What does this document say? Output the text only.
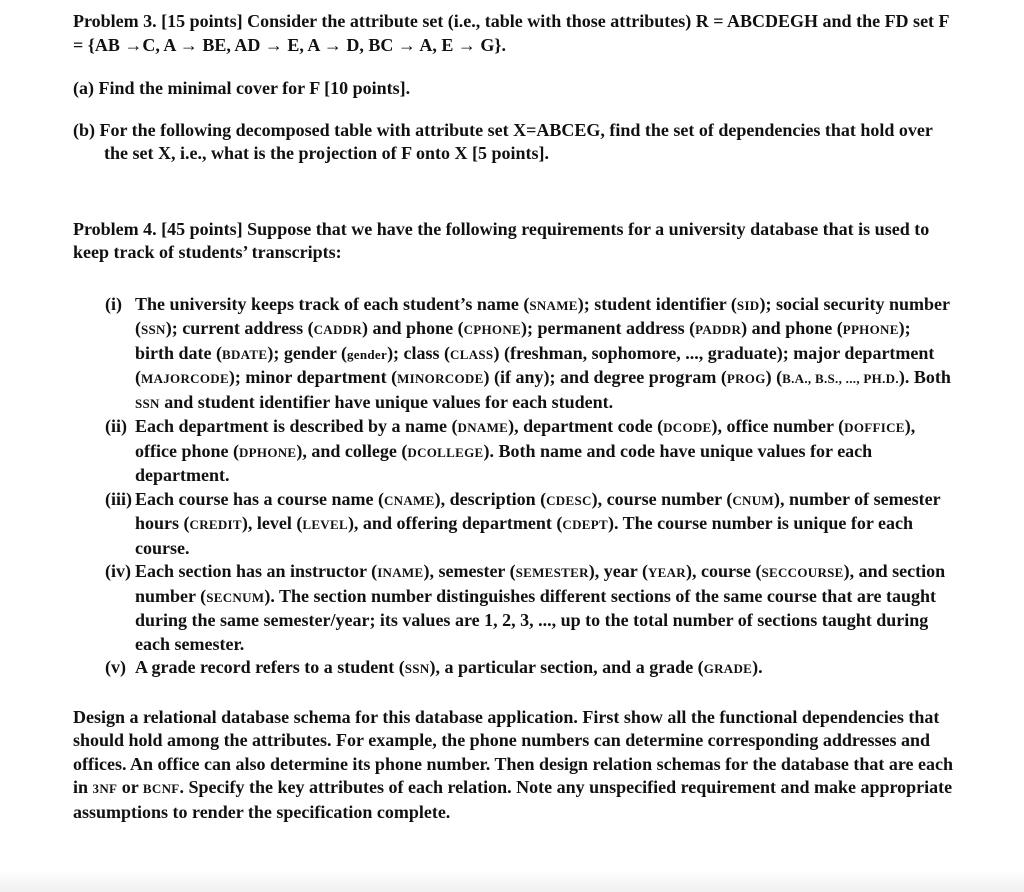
Problem 3. [15 points] Consider the attribute set (i.e., table with those attributes) R = ABCDEGH and the FD set F = {AB →C, A → BE, AD → E, A → D, BC → A, E → G}.

(a) Find the minimal cover for F [10 points].

(b) For the following decomposed table with attribute set X=ABCEG, find the set of dependencies that hold over the set X, i.e., what is the projection of F onto X [5 points].

Problem 4. [45 points] Suppose that we have the following requirements for a university database that is used to keep track of students’ transcripts:

(i) The university keeps track of each student’s name (SNAME); student identifier (SID); social security number (SSN); current address (CADDR) and phone (CPHONE); permanent address (PADDR) and phone (PPHONE); birth date (BDATE); gender (gender); class (CLASS) (freshman, sophomore, ..., graduate); major department (MAJORCODE); minor department (MINORCODE) (if any); and degree program (PROG) (B.A., B.S., ..., PH.D.). Both SSN and student identifier have unique values for each student.
(ii) Each department is described by a name (DNAME), department code (DCODE), office number (DOFFICE), office phone (DPHONE), and college (DCOLLEGE). Both name and code have unique values for each department.
(iii) Each course has a course name (CNAME), description (CDESC), course number (CNUM), number of semester hours (CREDIT), level (LEVEL), and offering department (CDEPT). The course number is unique for each course.
(iv) Each section has an instructor (INAME), semester (SEMESTER), year (YEAR), course (SECCOURSE), and section number (SECNUM). The section number distinguishes different sections of the same course that are taught during the same semester/year; its values are 1, 2, 3, ..., up to the total number of sections taught during each semester.
(v) A grade record refers to a student (SSN), a particular section, and a grade (GRADE).

Design a relational database schema for this database application. First show all the functional dependencies that should hold among the attributes. For example, the phone numbers can determine corresponding addresses and offices. An office can also determine its phone number. Then design relation schemas for the database that are each in 3NF or BCNF. Specify the key attributes of each relation. Note any unspecified requirement and make appropriate assumptions to render the specification complete.
